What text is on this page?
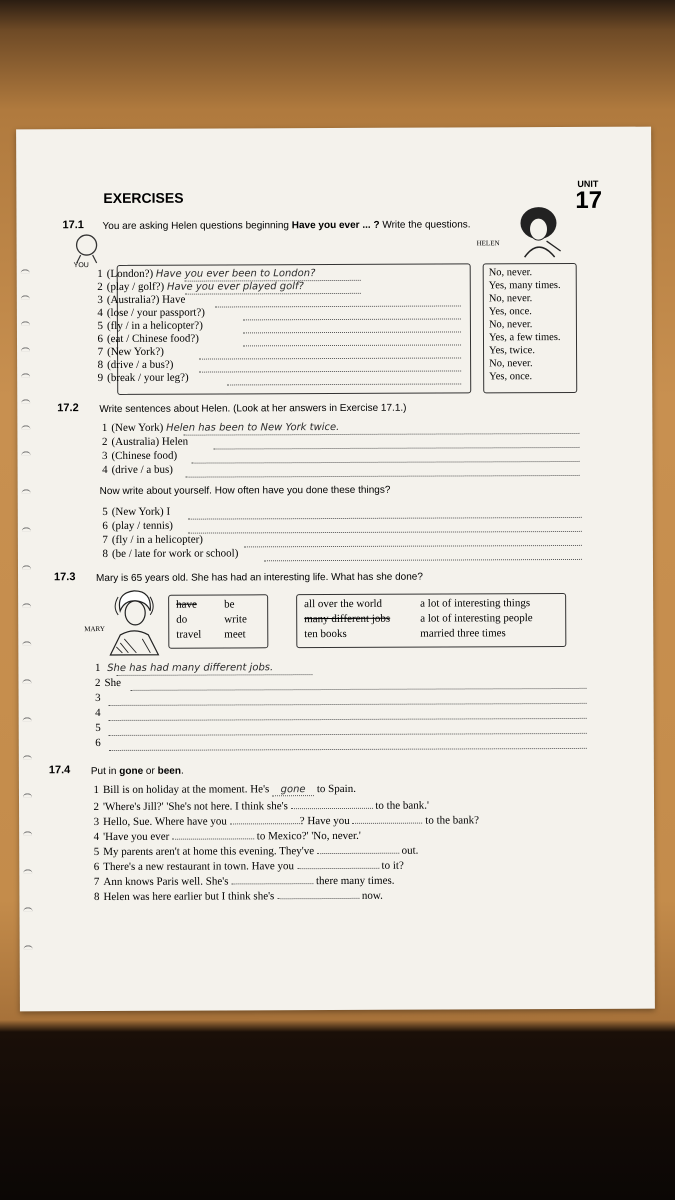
UNIT
17
EXERCISES
17.1 You are asking Helen questions beginning Have you ever ... ? Write the questions.
YOU
HELEN
1 (London?) Have you ever been to London?
2 (play / golf?) Have you ever played golf?
3 (Australia?) Have
4 (lose / your passport?)
5 (fly / in a helicopter?)
6 (eat / Chinese food?)
7 (New York?)
8 (drive / a bus?)
9 (break / your leg?)
No, never.
Yes, many times.
No, never.
Yes, once.
No, never.
Yes, a few times.
Yes, twice.
No, never.
Yes, once.
17.2 Write sentences about Helen. (Look at her answers in Exercise 17.1.)
1 (New York) Helen has been to New York twice.
2 (Australia) Helen
3 (Chinese food)
4 (drive / a bus)
Now write about yourself. How often have you done these things?
5 (New York) I
6 (play / tennis)
7 (fly / in a helicopter)
8 (be / late for work or school)
17.3 Mary is 65 years old. She has had an interesting life. What has she done?
MARY
have be
do	write
travel meet
all over the world	a lot of interesting things
many different jobs	a lot of interesting people
ten books	married three times
1 She has had many different jobs.
2 She
3
4
5
6
17.4 Put in gone or been.
1 Bill is on holiday at the moment. He's gone to Spain.
2 'Where's Jill?' 'She's not here. I think she's	to the bank.'
3 Hello, Sue. Where have you	? Have you	to the bank?
4 'Have you ever	to Mexico?' 'No, never.'
5 My parents aren't at home this evening. They've	out.
6 There's a new restaurant in town. Have you	to it?
7 Ann knows Paris well. She's	there many times.
8 Helen was here earlier but I think she's	now.
